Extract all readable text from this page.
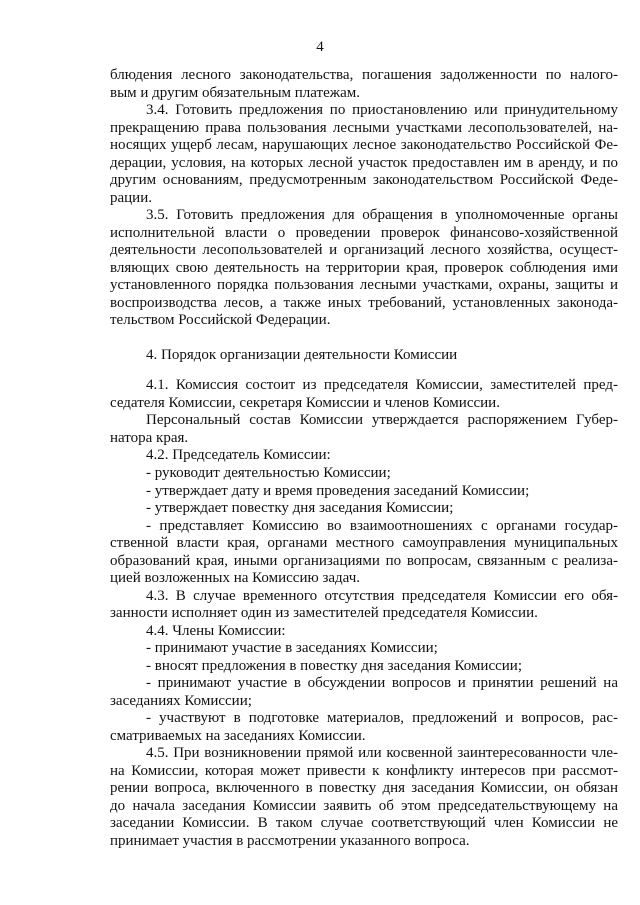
4
блюдения лесного законодательства, погашения задолженности по налого-
вым и другим обязательным платежам.
3.4. Готовить предложения по приостановлению или принудительному
прекращению права пользования лесными участками лесопользователей, на-
носящих ущерб лесам, нарушающих лесное законодательство Российской Фе-
дерации, условия, на которых лесной участок предоставлен им в аренду, и по
другим основаниям, предусмотренным законодательством Российской Феде-
рации.
3.5. Готовить предложения для обращения в уполномоченные органы
исполнительной власти о проведении проверок финансово-хозяйственной
деятельности лесопользователей и организаций лесного хозяйства, осущест-
вляющих свою деятельность на территории края, проверок соблюдения ими
установленного порядка пользования лесными участками, охраны, защиты и
воспроизводства лесов, а также иных требований, установленных законода-
тельством Российской Федерации.
4. Порядок организации деятельности Комиссии
4.1. Комиссия состоит из председателя Комиссии, заместителей пред-
седателя Комиссии, секретаря Комиссии и членов Комиссии.
Персональный состав Комиссии утверждается распоряжением Губер-
натора края.
4.2. Председатель Комиссии:
- руководит деятельностью Комиссии;
- утверждает дату и время проведения заседаний Комиссии;
- утверждает повестку дня заседания Комиссии;
- представляет Комиссию во взаимоотношениях с органами государ-
ственной власти края, органами местного самоуправления муниципальных
образований края, иными организациями по вопросам, связанным с реализа-
цией возложенных на Комиссию задач.
4.3. В случае временного отсутствия председателя Комиссии его обя-
занности исполняет один из заместителей председателя Комиссии.
4.4. Члены Комиссии:
- принимают участие в заседаниях Комиссии;
- вносят предложения в повестку дня заседания Комиссии;
- принимают участие в обсуждении вопросов и принятии решений на
заседаниях Комиссии;
- участвуют в подготовке материалов, предложений и вопросов, рас-
сматриваемых на заседаниях Комиссии.
4.5. При возникновении прямой или косвенной заинтересованности чле-
на Комиссии, которая может привести к конфликту интересов при рассмот-
рении вопроса, включенного в повестку дня заседания Комиссии, он обязан
до начала заседания Комиссии заявить об этом председательствующему на
заседании Комиссии. В таком случае соответствующий член Комиссии не
принимает участия в рассмотрении указанного вопроса.
